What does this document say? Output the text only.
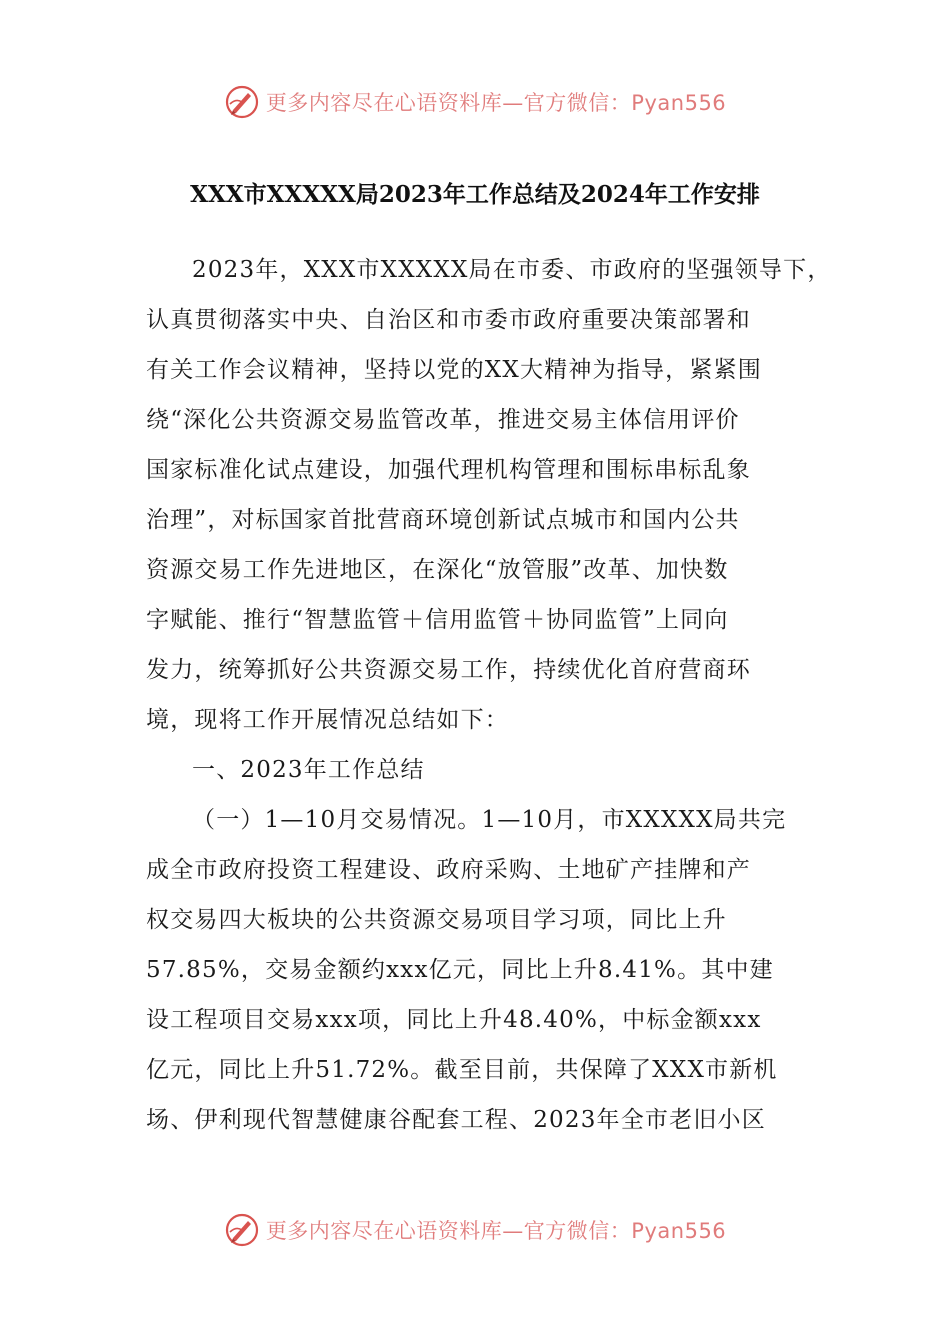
更多内容尽在心语资料库—官方微信：Pyan556
XXX市XXXXX局2023年工作总结及2024年工作安排
2023年，XXX市XXXXX局在市委、市政府的坚强领导下，
认真贯彻落实中央、自治区和市委市政府重要决策部署和
有关工作会议精神，坚持以党的XX大精神为指导，紧紧围
绕“深化公共资源交易监管改革，推进交易主体信用评价
国家标准化试点建设，加强代理机构管理和围标串标乱象
治理”，对标国家首批营商环境创新试点城市和国内公共
资源交易工作先进地区，在深化“放管服”改革、加快数
字赋能、推行“智慧监管＋信用监管＋协同监管”上同向
发力，统筹抓好公共资源交易工作，持续优化首府营商环
境，现将工作开展情况总结如下：
一、2023年工作总结
（一）1—10月交易情况。1—10月，市XXXXX局共完
成全市政府投资工程建设、政府采购、土地矿产挂牌和产
权交易四大板块的公共资源交易项目学习项，同比上升
57.85%，交易金额约xxx亿元，同比上升8.41%。其中建
设工程项目交易xxx项，同比上升48.40%，中标金额xxx
亿元，同比上升51.72%。截至目前，共保障了XXX市新机
场、伊利现代智慧健康谷配套工程、2023年全市老旧小区
更多内容尽在心语资料库—官方微信：Pyan556
